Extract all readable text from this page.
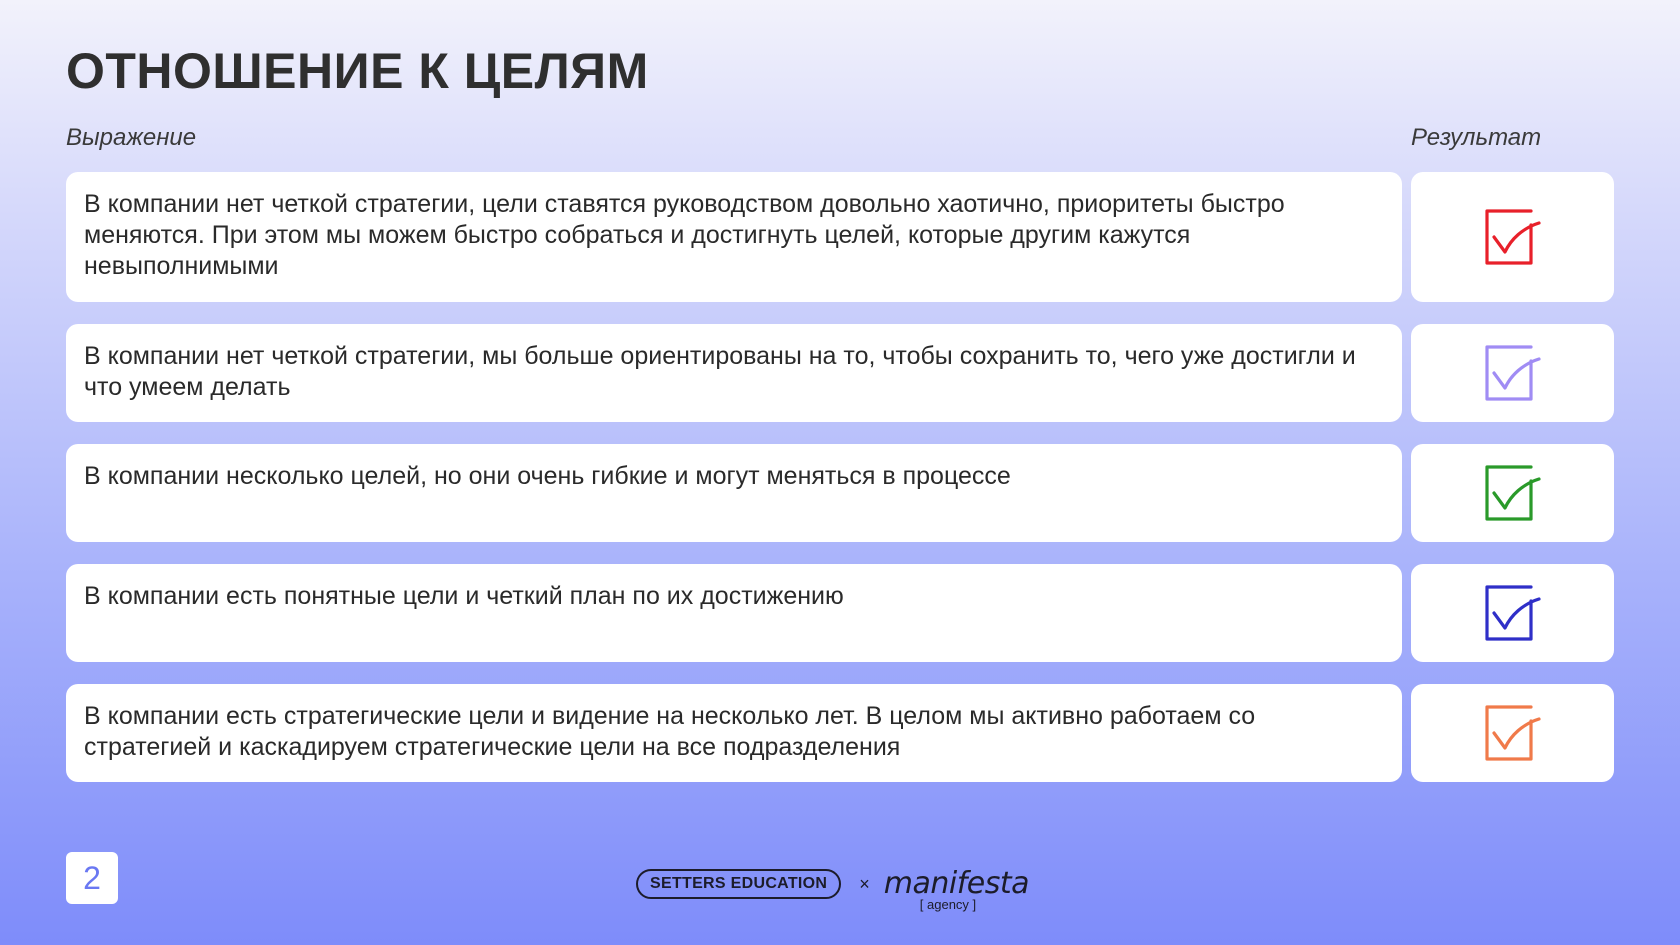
ОТНОШЕНИЕ К ЦЕЛЯМ
Выражение	Результат
В компании нет четкой стратегии, цели ставятся руководством довольно хаотично, приоритеты быстро меняются. При этом мы можем быстро собраться и достигнуть целей, которые другим кажутся невыполнимыми
В компании нет четкой стратегии, мы больше ориентированы на то, чтобы сохранить то, чего уже достигли и что умеем делать
В компании несколько целей, но они очень гибкие и могут меняться в процессе
В компании есть понятные цели и четкий план по их достижению
В компании есть стратегические цели и видение на несколько лет. В целом мы активно работаем со стратегией и каскадируем стратегические цели на все подразделения
2	SETTERS EDUCATION	× manifesta
[ agency ]
